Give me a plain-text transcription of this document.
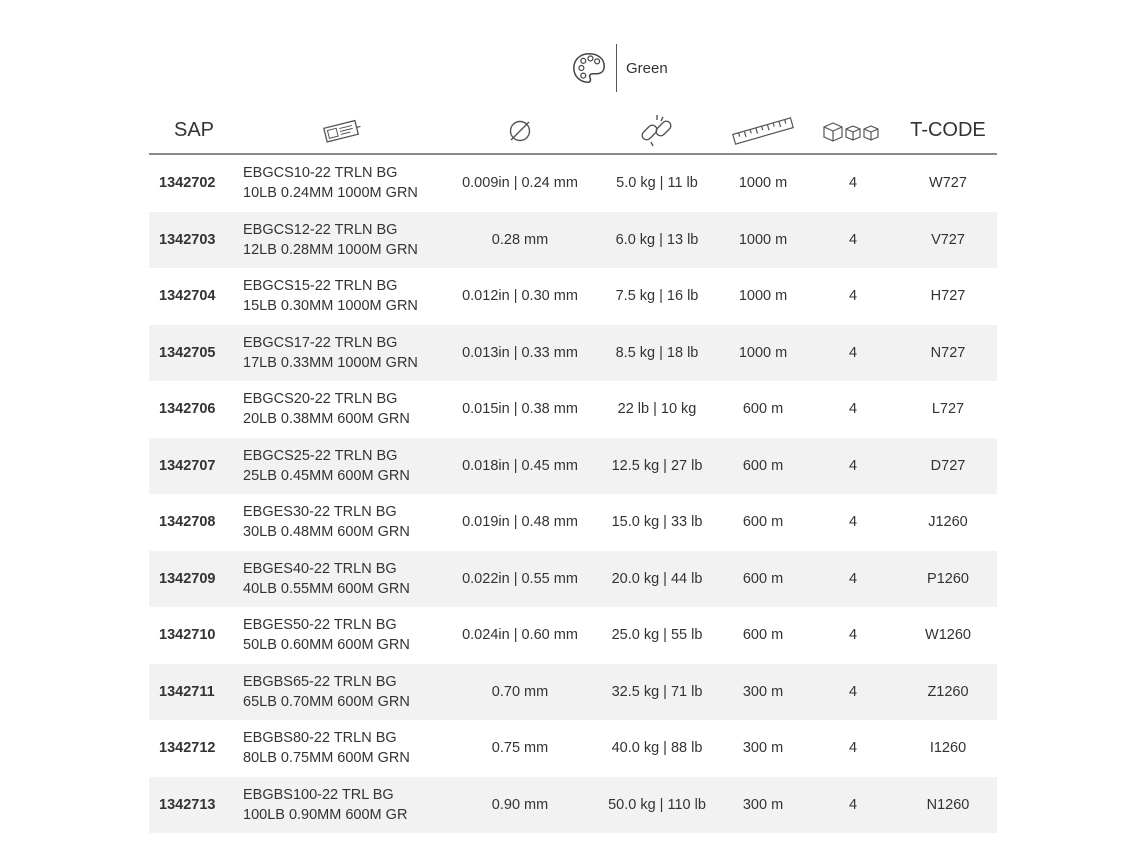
Green
SAP						T-CODE
1342702	EBGCS10-22 TRLN BG
10LB 0.24MM 1000M GRN	0.009in | 0.24 mm	5.0 kg | 11 lb	1000 m	4	W727
1342703	EBGCS12-22 TRLN BG
12LB 0.28MM 1000M GRN	0.28 mm	6.0 kg | 13 lb	1000 m	4	V727
1342704	EBGCS15-22 TRLN BG
15LB 0.30MM 1000M GRN	0.012in | 0.30 mm	7.5 kg | 16 lb	1000 m	4	H727
1342705	EBGCS17-22 TRLN BG
17LB 0.33MM 1000M GRN	0.013in | 0.33 mm	8.5 kg | 18 lb	1000 m	4	N727
1342706	EBGCS20-22 TRLN BG
20LB 0.38MM 600M GRN	0.015in | 0.38 mm	22 lb | 10 kg	600 m	4	L727
1342707	EBGCS25-22 TRLN BG
25LB 0.45MM 600M GRN	0.018in | 0.45 mm	12.5 kg | 27 lb	600 m	4	D727
1342708	EBGES30-22 TRLN BG
30LB 0.48MM 600M GRN	0.019in | 0.48 mm	15.0 kg | 33 lb	600 m	4	J1260
1342709	EBGES40-22 TRLN BG
40LB 0.55MM 600M GRN	0.022in | 0.55 mm	20.0 kg | 44 lb	600 m	4	P1260
1342710	EBGES50-22 TRLN BG
50LB 0.60MM 600M GRN	0.024in | 0.60 mm	25.0 kg | 55 lb	600 m	4	W1260
1342711	EBGBS65-22 TRLN BG
65LB 0.70MM 600M GRN	0.70 mm	32.5 kg | 71 lb	300 m	4	Z1260
1342712	EBGBS80-22 TRLN BG
80LB 0.75MM 600M GRN	0.75 mm	40.0 kg | 88 lb	300 m	4	I1260
1342713	EBGBS100-22 TRL BG
100LB 0.90MM 600M GR	0.90 mm	50.0 kg | 110 lb	300 m	4	N1260
